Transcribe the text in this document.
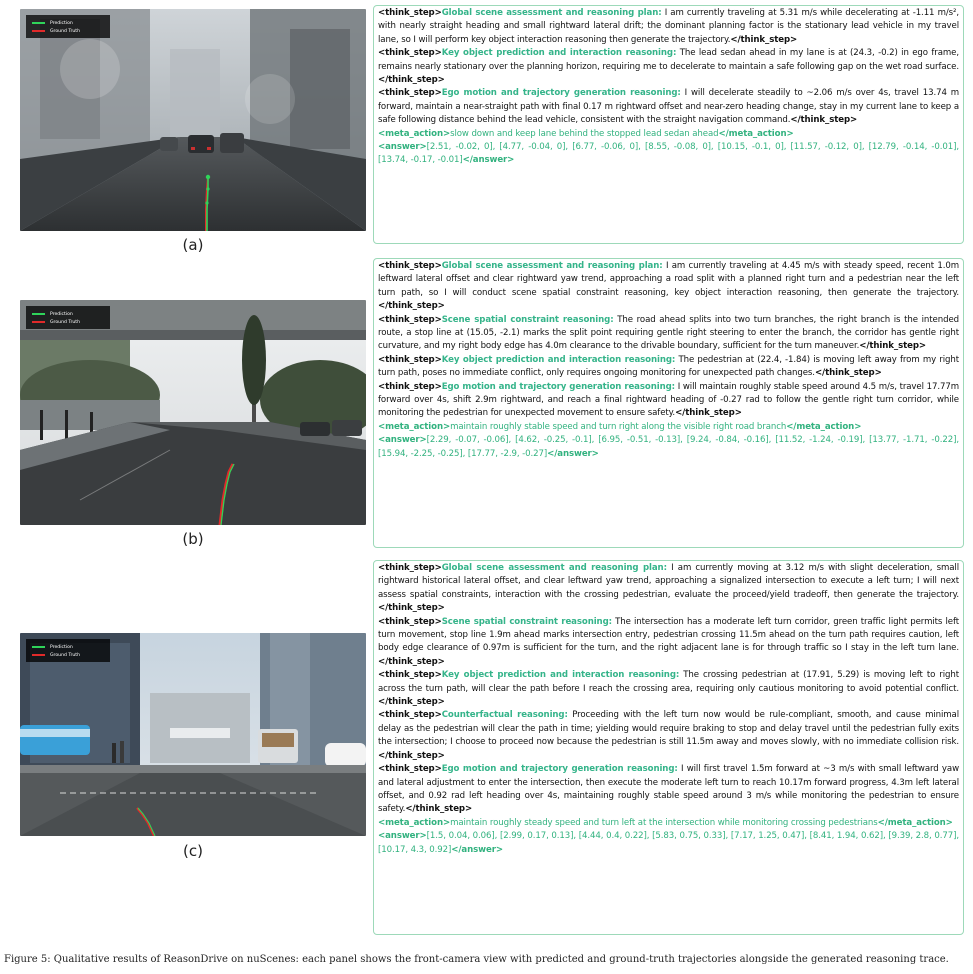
Prediction
Ground Truth
(a)
Prediction
Ground Truth
(b)
Prediction
Ground Truth
(c)

<think_step>Global scene assessment and reasoning plan: I am currently traveling at 5.31 m/s while decelerating at -1.11 m/s², with nearly straight heading and small rightward lateral drift; the dominant planning factor is the stationary lead vehicle in my travel lane, so I will perform key object interaction reasoning then generate the trajectory.</think_step>

<think_step>Key object prediction and interaction reasoning: The lead sedan ahead in my lane is at (24.3, -0.2) in ego frame, remains nearly stationary over the planning horizon, requiring me to decelerate to maintain a safe following gap on the wet road surface.</think_step>

<think_step>Ego motion and trajectory generation reasoning: I will decelerate steadily to ~2.06 m/s over 4s, travel 13.74 m forward, maintain a near-straight path with final 0.17 m rightward offset and near-zero heading change, stay in my current lane to keep a safe following distance behind the lead vehicle, consistent with the straight navigation command.</think_step>

<meta_action>slow down and keep lane behind the stopped lead sedan ahead</meta_action>

<answer>[2.51, -0.02, 0], [4.77, -0.04, 0], [6.77, -0.06, 0], [8.55, -0.08, 0], [10.15, -0.1, 0], [11.57, -0.12, 0], [12.79, -0.14, -0.01], [13.74, -0.17, -0.01]</answer>

<think_step>Global scene assessment and reasoning plan: I am currently traveling at 4.45 m/s with steady speed, recent 1.0m leftward lateral offset and clear rightward yaw trend, approaching a road split with a planned right turn and a pedestrian near the left turn path, so I will conduct scene spatial constraint reasoning, key object interaction reasoning, then generate the trajectory.</think_step>

<think_step>Scene spatial constraint reasoning: The road ahead splits into two turn branches, the right branch is the intended route, a stop line at (15.05, -2.1) marks the split point requiring gentle right steering to enter the branch, the corridor has gentle right curvature, and my right body edge has 4.0m clearance to the drivable boundary, sufficient for the turn maneuver.</think_step>

<think_step>Key object prediction and interaction reasoning: The pedestrian at (22.4, -1.84) is moving left away from my right turn path, poses no immediate conflict, only requires ongoing monitoring for unexpected path changes.</think_step>

<think_step>Ego motion and trajectory generation reasoning: I will maintain roughly stable speed around 4.5 m/s, travel 17.77m forward over 4s, shift 2.9m rightward, and reach a final rightward heading of -0.27 rad to follow the gentle right turn corridor, while monitoring the pedestrian for unexpected movement to ensure safety.</think_step>

<meta_action>maintain roughly stable speed and turn right along the visible right road branch</meta_action>

<answer>[2.29, -0.07, -0.06], [4.62, -0.25, -0.1], [6.95, -0.51, -0.13], [9.24, -0.84, -0.16], [11.52, -1.24, -0.19], [13.77, -1.71, -0.22], [15.94, -2.25, -0.25], [17.77, -2.9, -0.27]</answer>

<think_step>Global scene assessment and reasoning plan: I am currently moving at 3.12 m/s with slight deceleration, small rightward historical lateral offset, and clear leftward yaw trend, approaching a signalized intersection to execute a left turn; I will next assess spatial constraints, interaction with the crossing pedestrian, evaluate the proceed/yield tradeoff, then generate the trajectory.</think_step>

<think_step>Scene spatial constraint reasoning: The intersection has a moderate left turn corridor, green traffic light permits left turn movement, stop line 1.9m ahead marks intersection entry, pedestrian crossing 11.5m ahead on the turn path requires caution, left body edge clearance of 0.97m is sufficient for the turn, and the right adjacent lane is for through traffic so I stay in the left turn lane.</think_step>

<think_step>Key object prediction and interaction reasoning: The crossing pedestrian at (17.91, 5.29) is moving left to right across the turn path, will clear the path before I reach the crossing area, requiring only cautious monitoring to avoid potential conflict.</think_step>

<think_step>Counterfactual reasoning: Proceeding with the left turn now would be rule-compliant, smooth, and cause minimal delay as the pedestrian will clear the path in time; yielding would require braking to stop and delay travel until the pedestrian fully exits the intersection; I choose to proceed now because the pedestrian is still 11.5m away and moves slowly, with no immediate collision risk.</think_step>

<think_step>Ego motion and trajectory generation reasoning: I will first travel 1.5m forward at ~3 m/s with small leftward yaw and lateral adjustment to enter the intersection, then execute the moderate left turn to reach 10.17m forward progress, 4.3m left lateral offset, and 0.92 rad left heading over 4s, maintaining roughly stable speed around 3 m/s while monitoring the pedestrian to ensure safety.</think_step>

<meta_action>maintain roughly steady speed and turn left at the intersection while monitoring crossing pedestrians</meta_action>

<answer>[1.5, 0.04, 0.06], [2.99, 0.17, 0.13], [4.44, 0.4, 0.22], [5.83, 0.75, 0.33], [7.17, 1.25, 0.47], [8.41, 1.94, 0.62], [9.39, 2.8, 0.77], [10.17, 4.3, 0.92]</answer>

Figure 5: Qualitative results of ReasonDrive on nuScenes: each panel shows the front-camera view with predicted and ground-truth trajectories alongside the generated reasoning trace.
